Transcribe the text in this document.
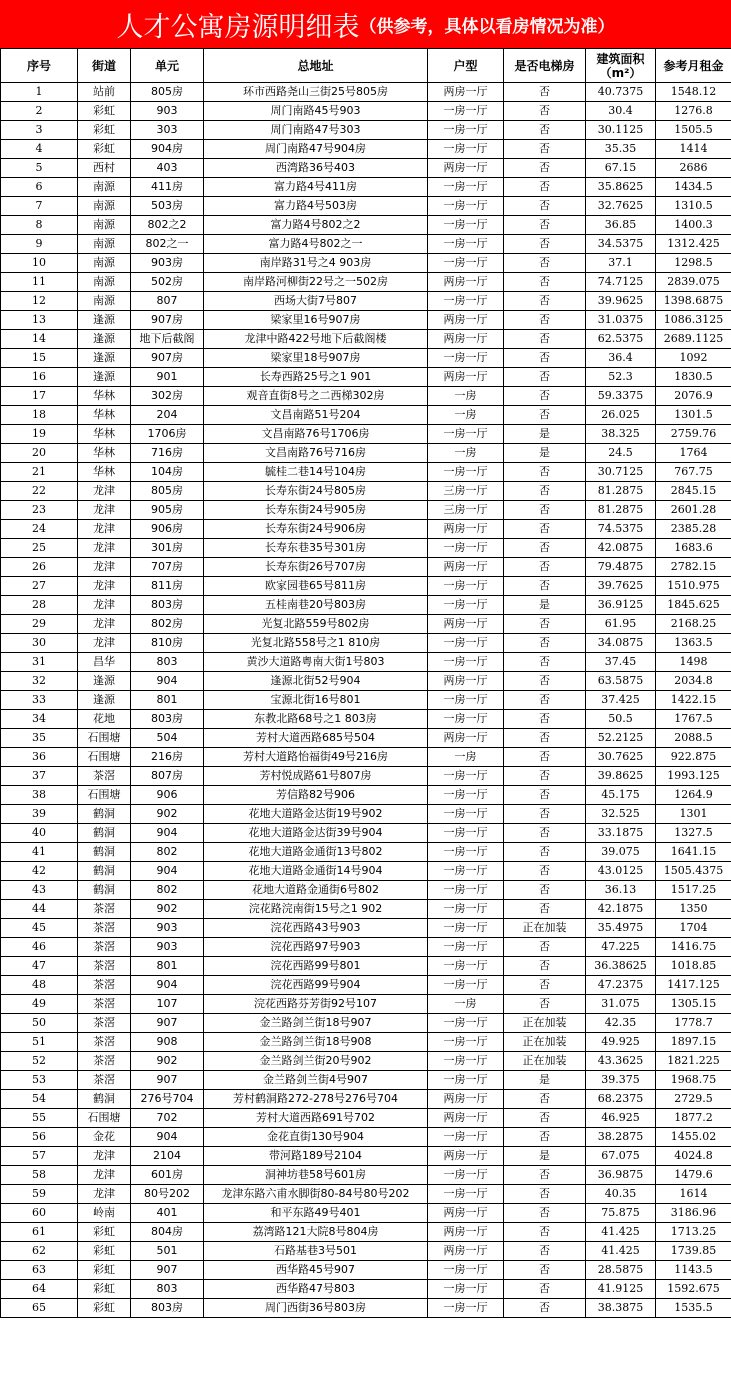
人才公寓房源明细表 （供参考，具体以看房情况为准）
序号	街道	单元	总地址	户型	是否电梯房	建筑面积（m²）	参考月租金
1	站前	805房	环市西路尧山三街25号805房	两房一厅	否	40.7375	1548.12
2	彩虹	903	周门南路45号903	一房一厅	否	30.4	1276.8
3	彩虹	303	周门南路47号303	一房一厅	否	30.1125	1505.5
4	彩虹	904房	周门南路47号904房	一房一厅	否	35.35	1414
5	西村	403	西湾路36号403	两房一厅	否	67.15	2686
6	南源	411房	富力路4号411房	一房一厅	否	35.8625	1434.5
7	南源	503房	富力路4号503房	一房一厅	否	32.7625	1310.5
8	南源	802之2	富力路4号802之2	一房一厅	否	36.85	1400.3
9	南源	802之一	富力路4号802之一	一房一厅	否	34.5375	1312.425
10	南源	903房	南岸路31号之4 903房	一房一厅	否	37.1	1298.5
11	南源	502房	南岸路河柳街22号之一502房	两房一厅	否	74.7125	2839.075
12	南源	807	西场大街7号807	一房一厅	否	39.9625	1398.6875
13	逢源	907房	梁家里16号907房	两房一厅	否	31.0375	1086.3125
14	逢源	地下后截阁	龙津中路422号地下后截阁楼	两房一厅	否	62.5375	2689.1125
15	逢源	907房	梁家里18号907房	一房一厅	否	36.4	1092
16	逢源	901	长寿西路25号之1 901	两房一厅	否	52.3	1830.5
17	华林	302房	观音直街8号之二西梯302房	一房	否	59.3375	2076.9
18	华林	204	文昌南路51号204	一房	否	26.025	1301.5
19	华林	1706房	文昌南路76号1706房	一房一厅	是	38.325	2759.76
20	华林	716房	文昌南路76号716房	一房	是	24.5	1764
21	华林	104房	毓桂二巷14号104房	一房一厅	否	30.7125	767.75
22	龙津	805房	长寿东街24号805房	三房一厅	否	81.2875	2845.15
23	龙津	905房	长寿东街24号905房	三房一厅	否	81.2875	2601.28
24	龙津	906房	长寿东街24号906房	两房一厅	否	74.5375	2385.28
25	龙津	301房	长寿东巷35号301房	一房一厅	否	42.0875	1683.6
26	龙津	707房	长寿东街26号707房	两房一厅	否	79.4875	2782.15
27	龙津	811房	欧家园巷65号811房	一房一厅	否	39.7625	1510.975
28	龙津	803房	五桂南巷20号803房	一房一厅	是	36.9125	1845.625
29	龙津	802房	光复北路559号802房	两房一厅	否	61.95	2168.25
30	龙津	810房	光复北路558号之1 810房	一房一厅	否	34.0875	1363.5
31	昌华	803	黄沙大道路粤南大街1号803	一房一厅	否	37.45	1498
32	逢源	904	逢源北街52号904	两房一厅	否	63.5875	2034.8
33	逢源	801	宝源北街16号801	一房一厅	否	37.425	1422.15
34	花地	803房	东教北路68号之1 803房	一房一厅	否	50.5	1767.5
35	石围塘	504	芳村大道西路685号504	两房一厅	否	52.2125	2088.5
36	石围塘	216房	芳村大道路怡福街49号216房	一房	否	30.7625	922.875
37	茶滘	807房	芳村悦成路61号807房	一房一厅	否	39.8625	1993.125
38	石围塘	906	芳信路82号906	一房一厅	否	45.175	1264.9
39	鹤洞	902	花地大道路金达街19号902	一房一厅	否	32.525	1301
40	鹤洞	904	花地大道路金达街39号904	一房一厅	否	33.1875	1327.5
41	鹤洞	802	花地大道路金通街13号802	一房一厅	否	39.075	1641.15
42	鹤洞	904	花地大道路金通街14号904	一房一厅	否	43.0125	1505.4375
43	鹤洞	802	花地大道路金通街6号802	一房一厅	否	36.13	1517.25
44	茶滘	902	浣花路浣南街15号之1 902	一房一厅	否	42.1875	1350
45	茶滘	903	浣花西路43号903	一房一厅	正在加装	35.4975	1704
46	茶滘	903	浣花西路97号903	一房一厅	否	47.225	1416.75
47	茶滘	801	浣花西路99号801	一房一厅	否	36.38625	1018.85
48	茶滘	904	浣花西路99号904	一房一厅	否	47.2375	1417.125
49	茶滘	107	浣花西路芬芳街92号107	一房	否	31.075	1305.15
50	茶滘	907	金兰路剑兰街18号907	一房一厅	正在加装	42.35	1778.7
51	茶滘	908	金兰路剑兰街18号908	一房一厅	正在加装	49.925	1897.15
52	茶滘	902	金兰路剑兰街20号902	一房一厅	正在加装	43.3625	1821.225
53	茶滘	907	金兰路剑兰街4号907	一房一厅	是	39.375	1968.75
54	鹤洞	276号704	芳村鹤洞路272-278号276号704	两房一厅	否	68.2375	2729.5
55	石围塘	702	芳村大道西路691号702	两房一厅	否	46.925	1877.2
56	金花	904	金花直街130号904	一房一厅	否	38.2875	1455.02
57	龙津	2104	带河路189号2104	两房一厅	是	67.075	4024.8
58	龙津	601房	洞神坊巷58号601房	一房一厅	否	36.9875	1479.6
59	龙津	80号202	龙津东路六甫水脚街80-84号80号202	一房一厅	否	40.35	1614
60	岭南	401	和平东路49号401	两房一厅	否	75.875	3186.96
61	彩虹	804房	荔湾路121大院8号804房	两房一厅	否	41.425	1713.25
62	彩虹	501	石路基巷3号501	两房一厅	否	41.425	1739.85
63	彩虹	907	西华路45号907	一房一厅	否	28.5875	1143.5
64	彩虹	803	西华路47号803	一房一厅	否	41.9125	1592.675
65	彩虹	803房	周门西街36号803房	一房一厅	否	38.3875	1535.5
